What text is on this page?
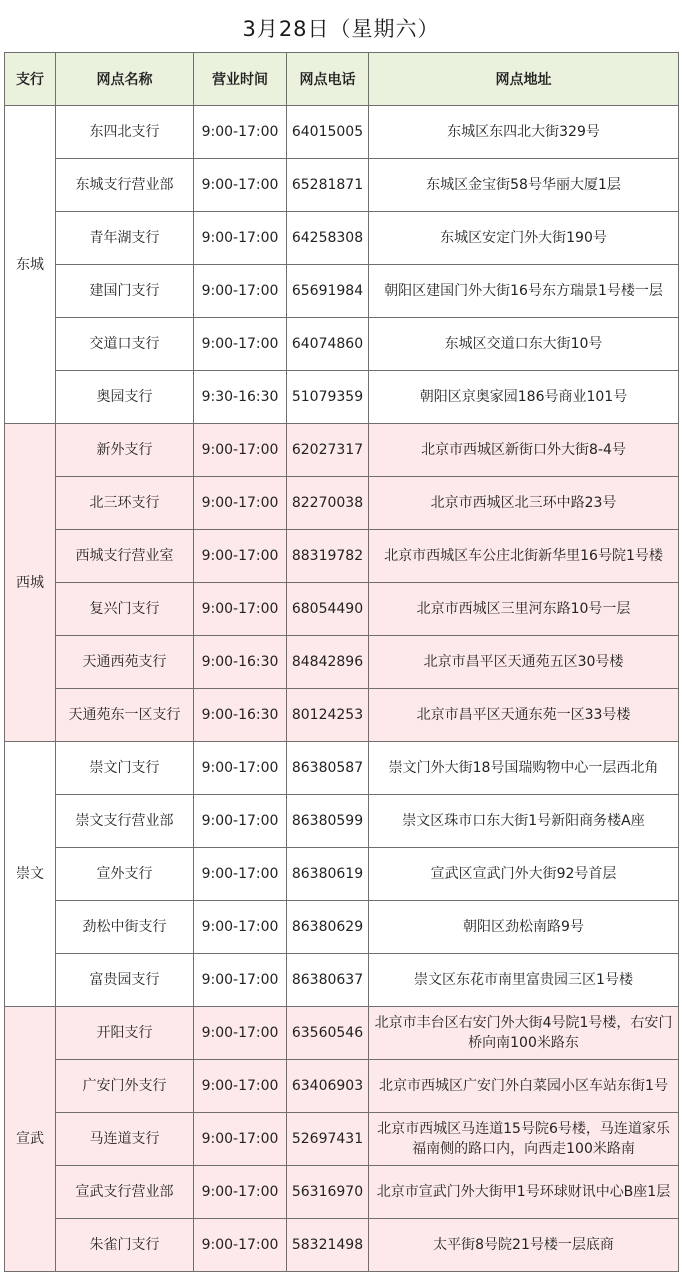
3月28日（星期六）
支行	网点名称	营业时间	网点电话	网点地址
东城	东四北支行	9:00-17:00	64015005	东城区东四北大街329号
	东城支行营业部	9:00-17:00	65281871	东城区金宝街58号华丽大厦1层
	青年湖支行	9:00-17:00	64258308	东城区安定门外大街190号
	建国门支行	9:00-17:00	65691984	朝阳区建国门外大街16号东方瑞景1号楼一层
	交道口支行	9:00-17:00	64074860	东城区交道口东大街10号
	奥园支行	9:30-16:30	51079359	朝阳区京奥家园186号商业101号
西城	新外支行	9:00-17:00	62027317	北京市西城区新街口外大街8-4号
	北三环支行	9:00-17:00	82270038	北京市西城区北三环中路23号
	西城支行营业室	9:00-17:00	88319782	北京市西城区车公庄北街新华里16号院1号楼
	复兴门支行	9:00-17:00	68054490	北京市西城区三里河东路10号一层
	天通西苑支行	9:00-16:30	84842896	北京市昌平区天通苑五区30号楼
	天通苑东一区支行	9:00-16:30	80124253	北京市昌平区天通东苑一区33号楼
崇文	崇文门支行	9:00-17:00	86380587	崇文门外大街18号国瑞购物中心一层西北角
	崇文支行营业部	9:00-17:00	86380599	崇文区珠市口东大街1号新阳商务楼A座
	宣外支行	9:00-17:00	86380619	宣武区宣武门外大街92号首层
	劲松中街支行	9:00-17:00	86380629	朝阳区劲松南路9号
	富贵园支行	9:00-17:00	86380637	崇文区东花市南里富贵园三区1号楼
宣武	开阳支行	9:00-17:00	63560546	北京市丰台区右安门外大街4号院1号楼，右安门桥向南100米路东
	广安门外支行	9:00-17:00	63406903	北京市西城区广安门外白菜园小区车站东街1号
	马连道支行	9:00-17:00	52697431	北京市西城区马连道15号院6号楼，马连道家乐福南侧的路口内，向西走100米路南
	宣武支行营业部	9:00-17:00	56316970	北京市宣武门外大街甲1号环球财讯中心B座1层
	朱雀门支行	9:00-17:00	58321498	太平街8号院21号楼一层底商
